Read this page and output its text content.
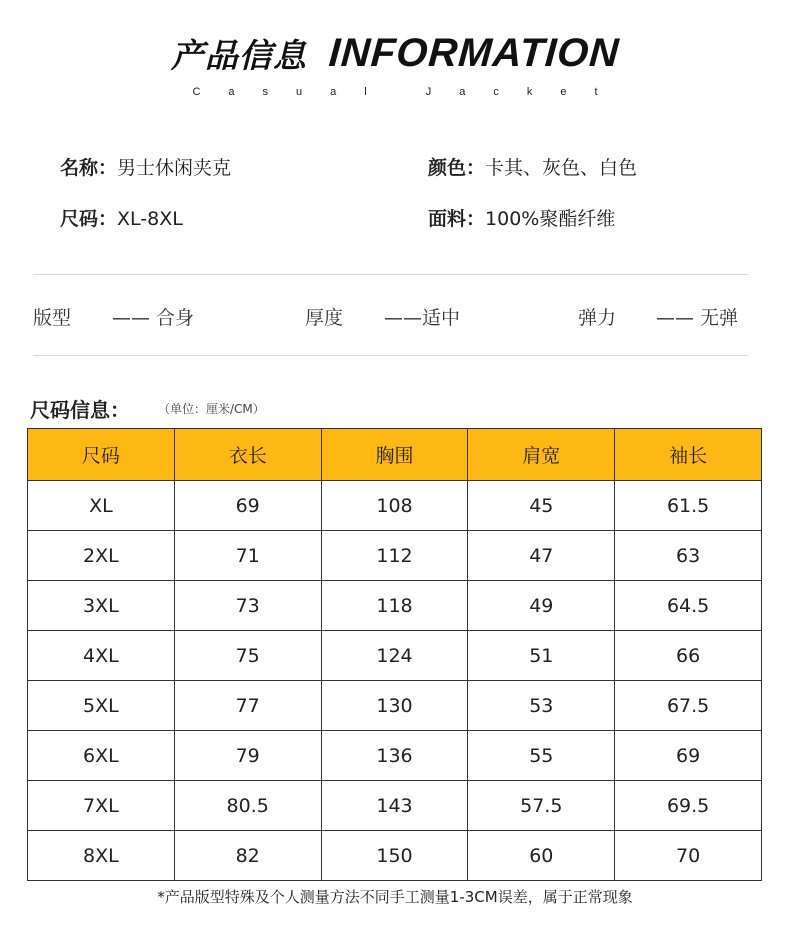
产品信息 INFORMATION
Casual Jacket
名称：男士休闲夹克	颜色：卡其、灰色、白色
尺码：XL-8XL	面料：100%聚酯纤维
版型 —— 合身	厚度 ——适中	弹力 —— 无弹
尺码信息： （单位：厘米/CM）
尺码	衣长	胸围	肩宽	袖长
XL	69	108	45	61.5
2XL	71	112	47	63
3XL	73	118	49	64.5
4XL	75	124	51	66
5XL	77	130	53	67.5
6XL	79	136	55	69
7XL	80.5	143	57.5	69.5
8XL	82	150	60	70
*产品版型特殊及个人测量方法不同手工测量1-3CM误差，属于正常现象
